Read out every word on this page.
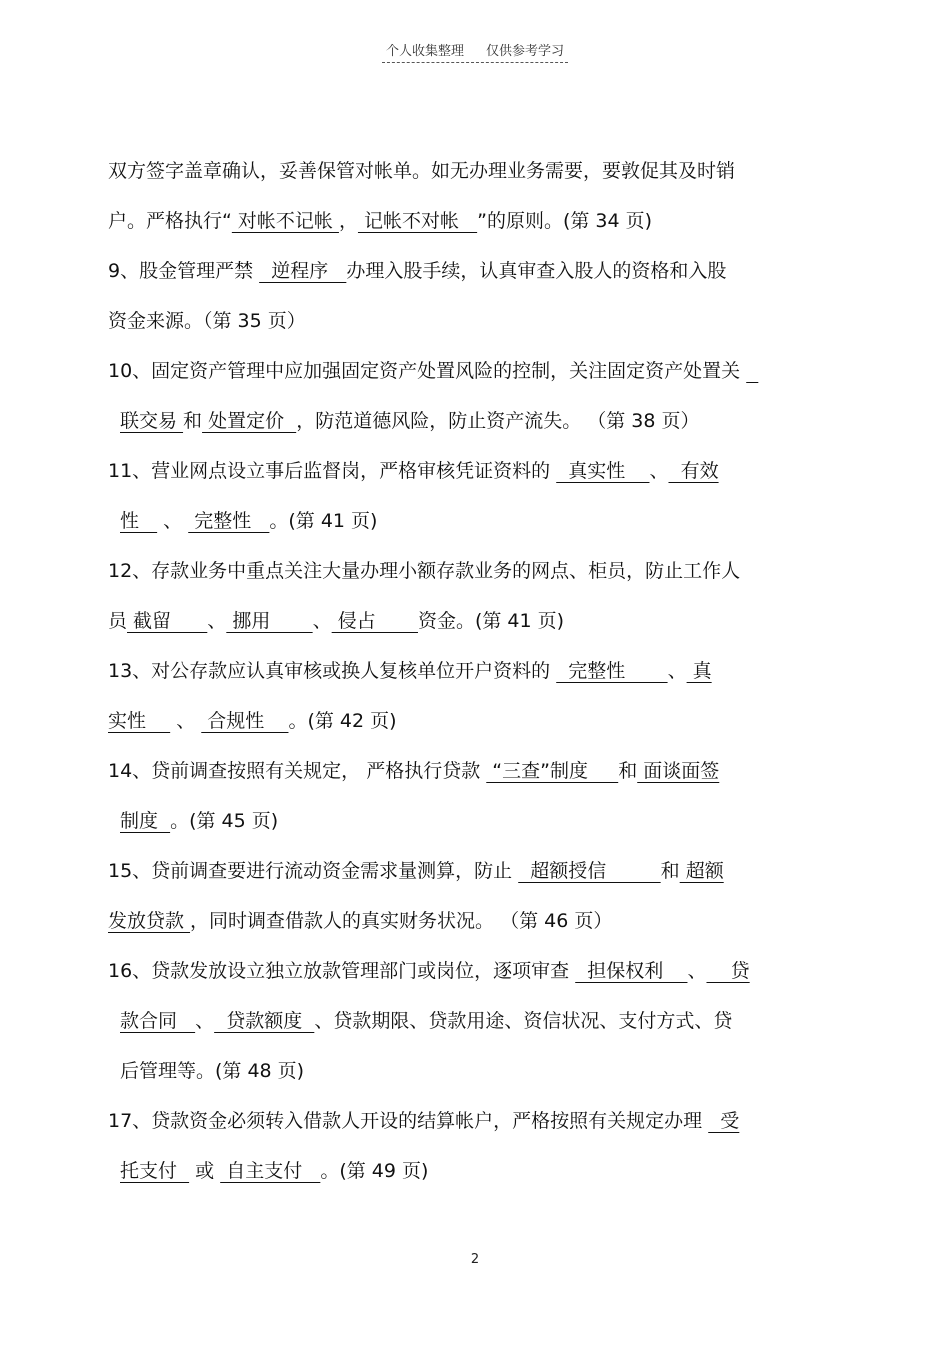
个人收集整理 仅供参考学习
双方签字盖章确认，妥善保管对帐单。如无办理业务需要，要敦促其及时销
户。严格执行“ 对帐不记帐 ， 记帐不对帐   ”的原则。(第 34 页)
9、股金管理严禁   逆程序   办理入股手续，认真审查入股人的资格和入股
资金来源。（第 35 页）
10、固定资产管理中应加强固定资产处置风险的控制，关注固定资产处置关
联交易 和 处置定价  ，防范道德风险，防止资产流失。 （第 38 页）
11、营业网点设立事后监督岗，严格审核凭证资料的   真实性    、  有效
性    、  完整性   。(第 41 页)
12、存款业务中重点关注大量办理小额存款业务的网点、柜员，防止工作人
员 截留      、 挪用       、 侵占       资金。(第 41 页)
13、对公存款应认真审核或换人复核单位开户资料的   完整性       、 真
实性     、  合规性    。(第 42 页)
14、贷前调查按照有关规定， 严格执行贷款  “三查”制度     和 面谈面签
制度  。(第 45 页)
15、贷前调查要进行流动资金需求量测算，防止   超额授信         和 超额
发放贷款 ，同时调查借款人的真实财务状况。 （第 46 页）
16、贷款发放设立独立放款管理部门或岗位，逐项审查   担保权利    、    贷
款合同   、  贷款额度  、贷款期限、贷款用途、资信状况、支付方式、贷
后管理等。(第 48 页)
17、贷款资金必须转入借款人开设的结算帐户，严格按照有关规定办理   受
托支付   或  自主支付   。(第 49 页)
2
